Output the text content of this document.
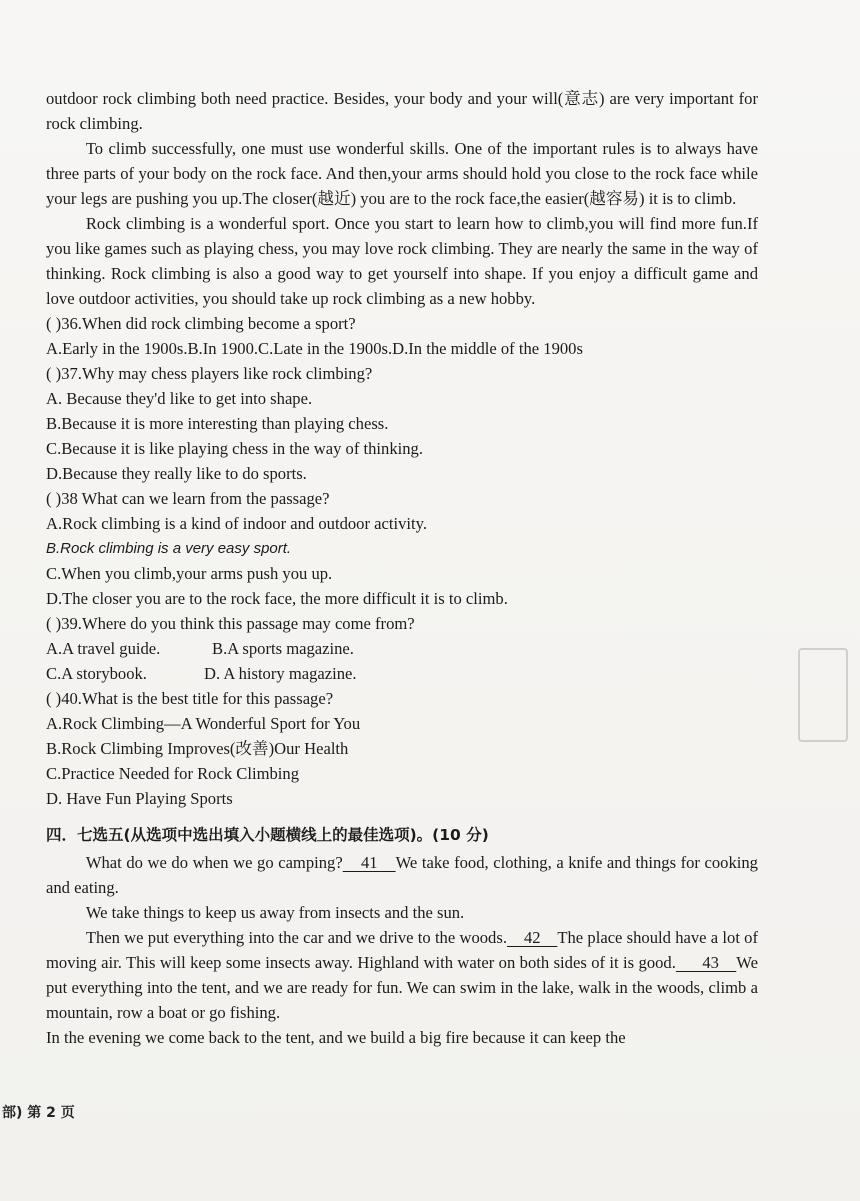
outdoor rock climbing both need practice. Besides, your body and your will(意志) are very important for rock climbing.

To climb successfully, one must use wonderful skills. One of the important rules is to always have three parts of your body on the rock face. And then,your arms should hold you close to the rock face while your legs are pushing you up.The closer(越近) you are to the rock face,the easier(越容易) it is to climb.

Rock climbing is a wonderful sport. Once you start to learn how to climb,you will find more fun.If you like games such as playing chess, you may love rock climbing. They are nearly the same in the way of thinking. Rock climbing is also a good way to get yourself into shape. If you enjoy a difficult game and love outdoor activities, you should take up rock climbing as a new hobby.

( )36.When did rock climbing become a sport?

A.Early in the 1900s.B.In 1900.C.Late in the 1900s.D.In the middle of the 1900s

( )37.Why may chess players like rock climbing?

A. Because they'd like to get into shape.

B.Because it is more interesting than playing chess.

C.Because it is like playing chess in the way of thinking.

D.Because they really like to do sports.

( )38 What can we learn from the passage?

A.Rock climbing is a kind of indoor and outdoor activity.

B.Rock climbing is a very easy sport.

C.When you climb,your arms push you up.

D.The closer you are to the rock face, the more difficult it is to climb.

( )39.Where do you think this passage may come from?

A.A travel guide.	B.A sports magazine.
C.A storybook.	D. A history magazine.

( )40.What is the best title for this passage?

A.Rock Climbing—A Wonderful Sport for You

B.Rock Climbing Improves(改善)Our Health

C.Practice Needed for Rock Climbing

D. Have Fun Playing Sports

四．七选五(从选项中选出填入小题横线上的最佳选项)。(10 分)

What do we do when we go camping?    41    We take food, clothing, a knife and things for cooking and eating.

We take things to keep us away from insects and the sun.

Then we put everything into the car and we drive to the woods.    42    The place should have a lot of moving air. This will keep some insects away. Highland with water on both sides of it is good.      43    We put everything into the tent, and we are ready for fun. We can swim in the lake, walk in the woods, climb a mountain, row a boat or go fishing.

In the evening we come back to the tent, and we build a big fire because it can keep the

部) 第 2 页
